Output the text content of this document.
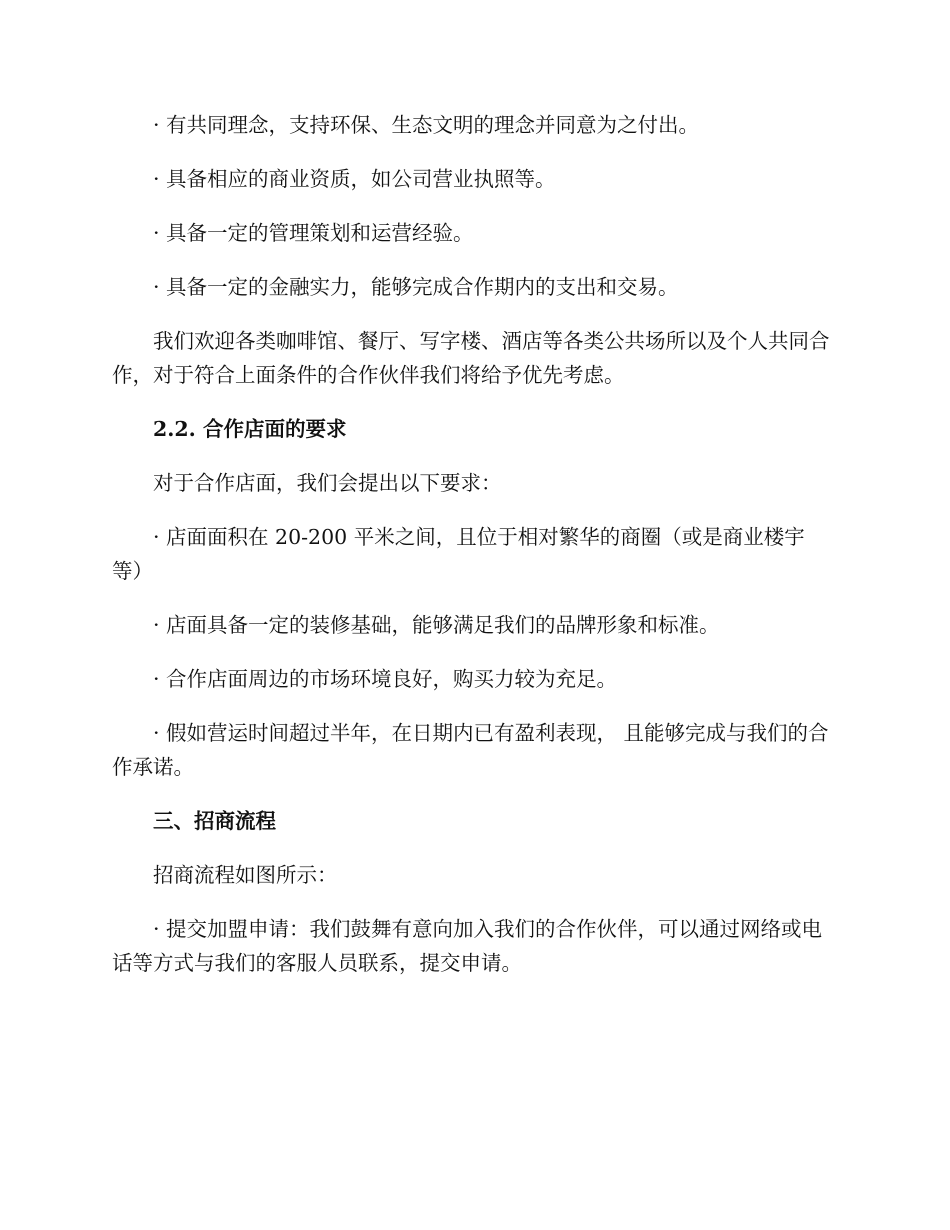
· 有共同理念，支持环保、生态文明的理念并同意为之付出。

· 具备相应的商业资质，如公司营业执照等。

· 具备一定的管理策划和运营经验。

· 具备一定的金融实力，能够完成合作期内的支出和交易。

我们欢迎各类咖啡馆、餐厅、写字楼、酒店等各类公共场所以及个人共同合作，对于符合上面条件的合作伙伴我们将给予优先考虑。

2.2. 合作店面的要求

对于合作店面，我们会提出以下要求：

· 店面面积在 20-200 平米之间，且位于相对繁华的商圈（或是商业楼宇等）

· 店面具备一定的装修基础，能够满足我们的品牌形象和标准。

· 合作店面周边的市场环境良好，购买力较为充足。

· 假如营运时间超过半年，在日期内已有盈利表现， 且能够完成与我们的合作承诺。

三、招商流程

招商流程如图所示：

· 提交加盟申请：我们鼓舞有意向加入我们的合作伙伴，可以通过网络或电话等方式与我们的客服人员联系，提交申请。
